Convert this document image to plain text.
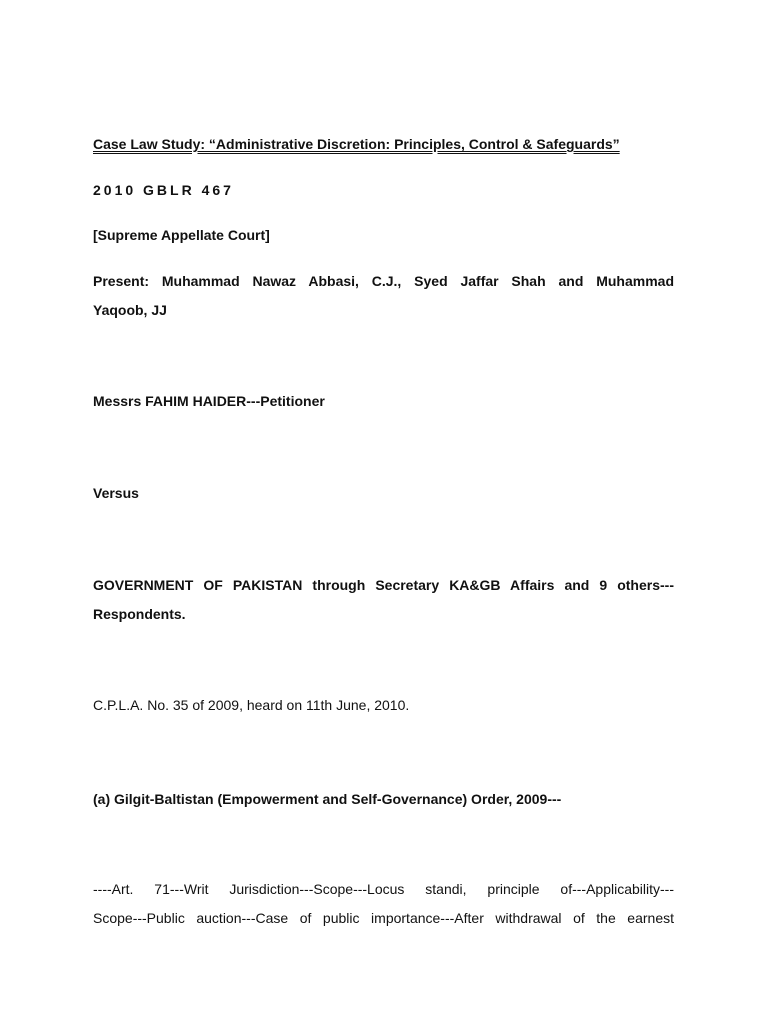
Case Law Study: “Administrative Discretion: Principles, Control & Safeguards”
2010 GBLR 467
[Supreme Appellate Court]
Present: Muhammad Nawaz Abbasi, C.J., Syed Jaffar Shah and Muhammad
Yaqoob, JJ
Messrs FAHIM HAIDER---Petitioner
Versus
GOVERNMENT OF PAKISTAN through Secretary KA&GB Affairs and 9 others---
Respondents.
C.P.L.A. No. 35 of 2009, heard on 11th June, 2010.
(a) Gilgit-Baltistan (Empowerment and Self-Governance) Order, 2009---
----Art. 71---Writ Jurisdiction---Scope---Locus standi, principle of---Applicability---
Scope---Public auction---Case of public importance---After withdrawal of the earnest
